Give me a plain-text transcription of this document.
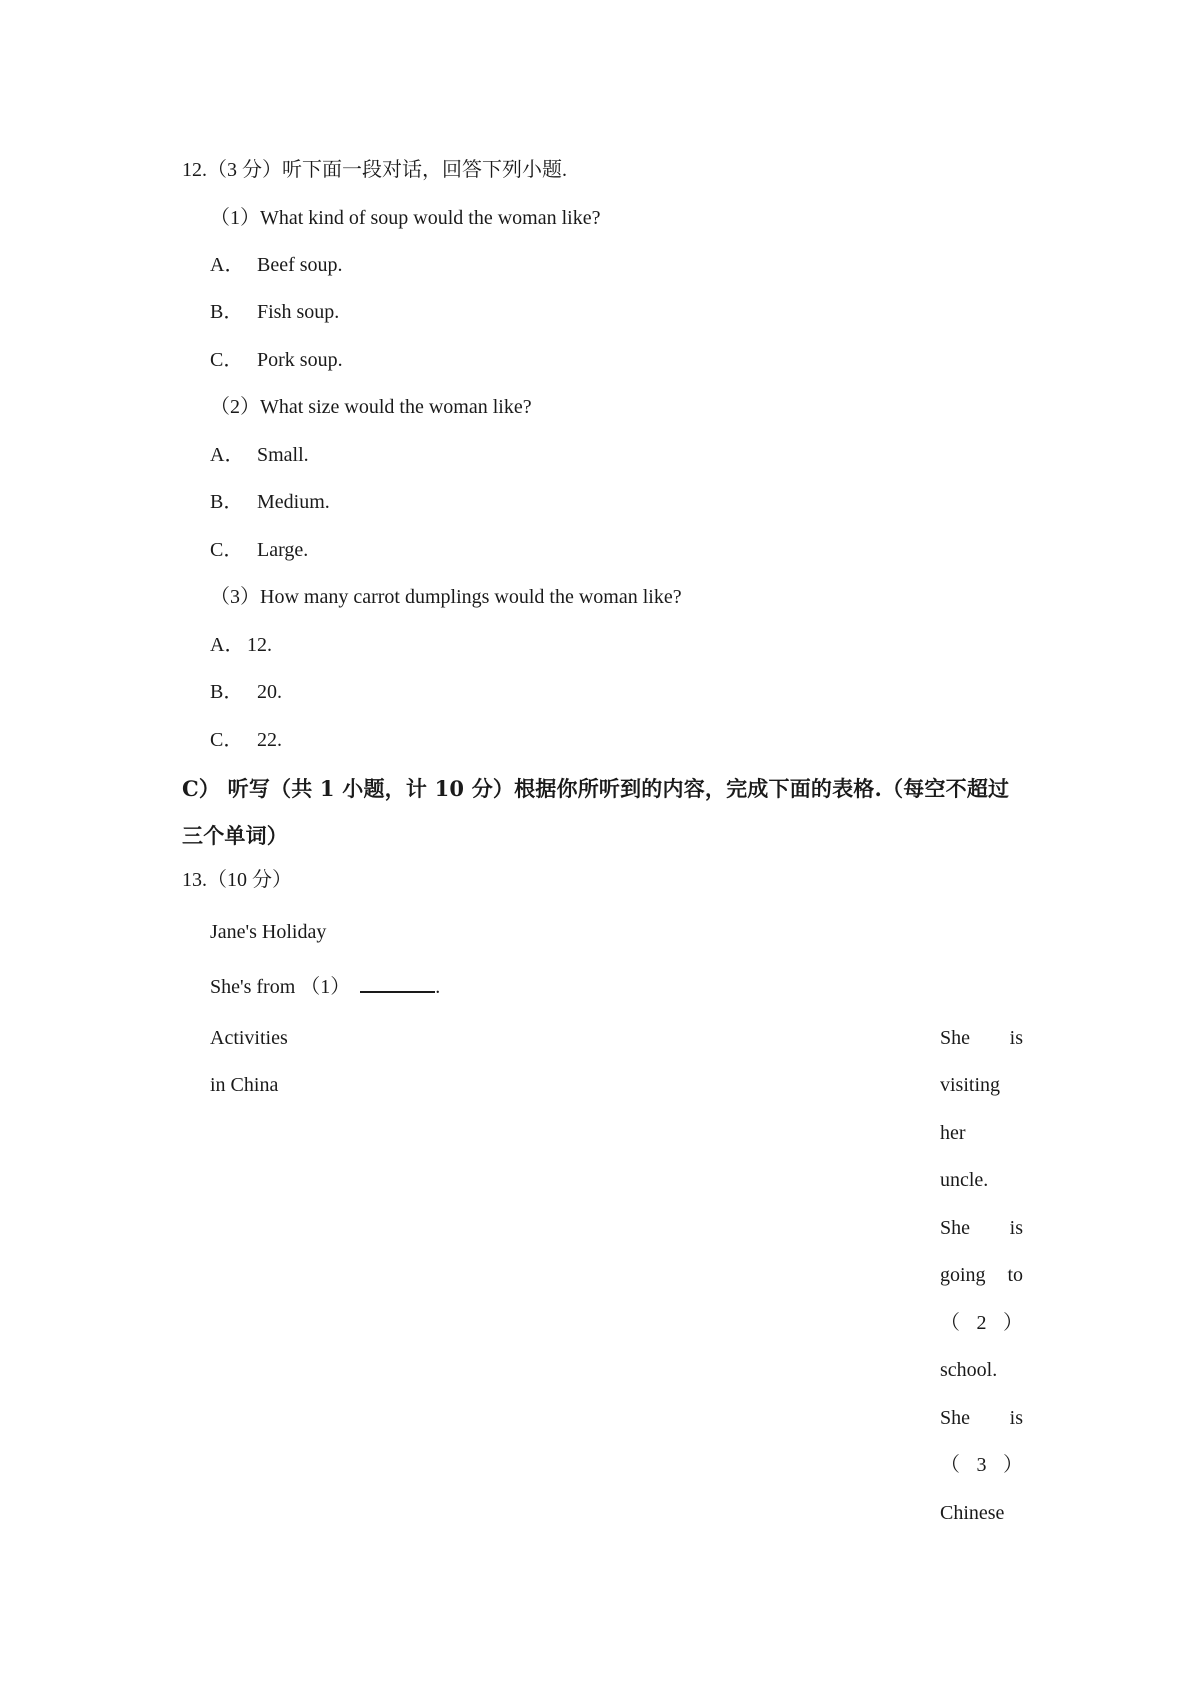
12.（3 分）听下面一段对话，回答下列小题.
（1）What kind of soup would the woman like?
A． Beef soup.
B． Fish soup.
C． Pork soup.
（2）What size would the woman like?
A． Small.
B． Medium.
C． Large.
（3）How many carrot dumplings would the woman like?
A． 12.
B． 20.
C． 22.
C） 听写（共 1 小题，计 10 分）根据你所听到的内容，完成下面的表格.（每空不超过三个单词）
13.（10 分）
Jane's Holiday
She's from （1）	.
Activities
in China
She is
visiting
her
uncle.
She is
going to
（ 2 ）
school.
She is
（ 3 ）
Chinese
